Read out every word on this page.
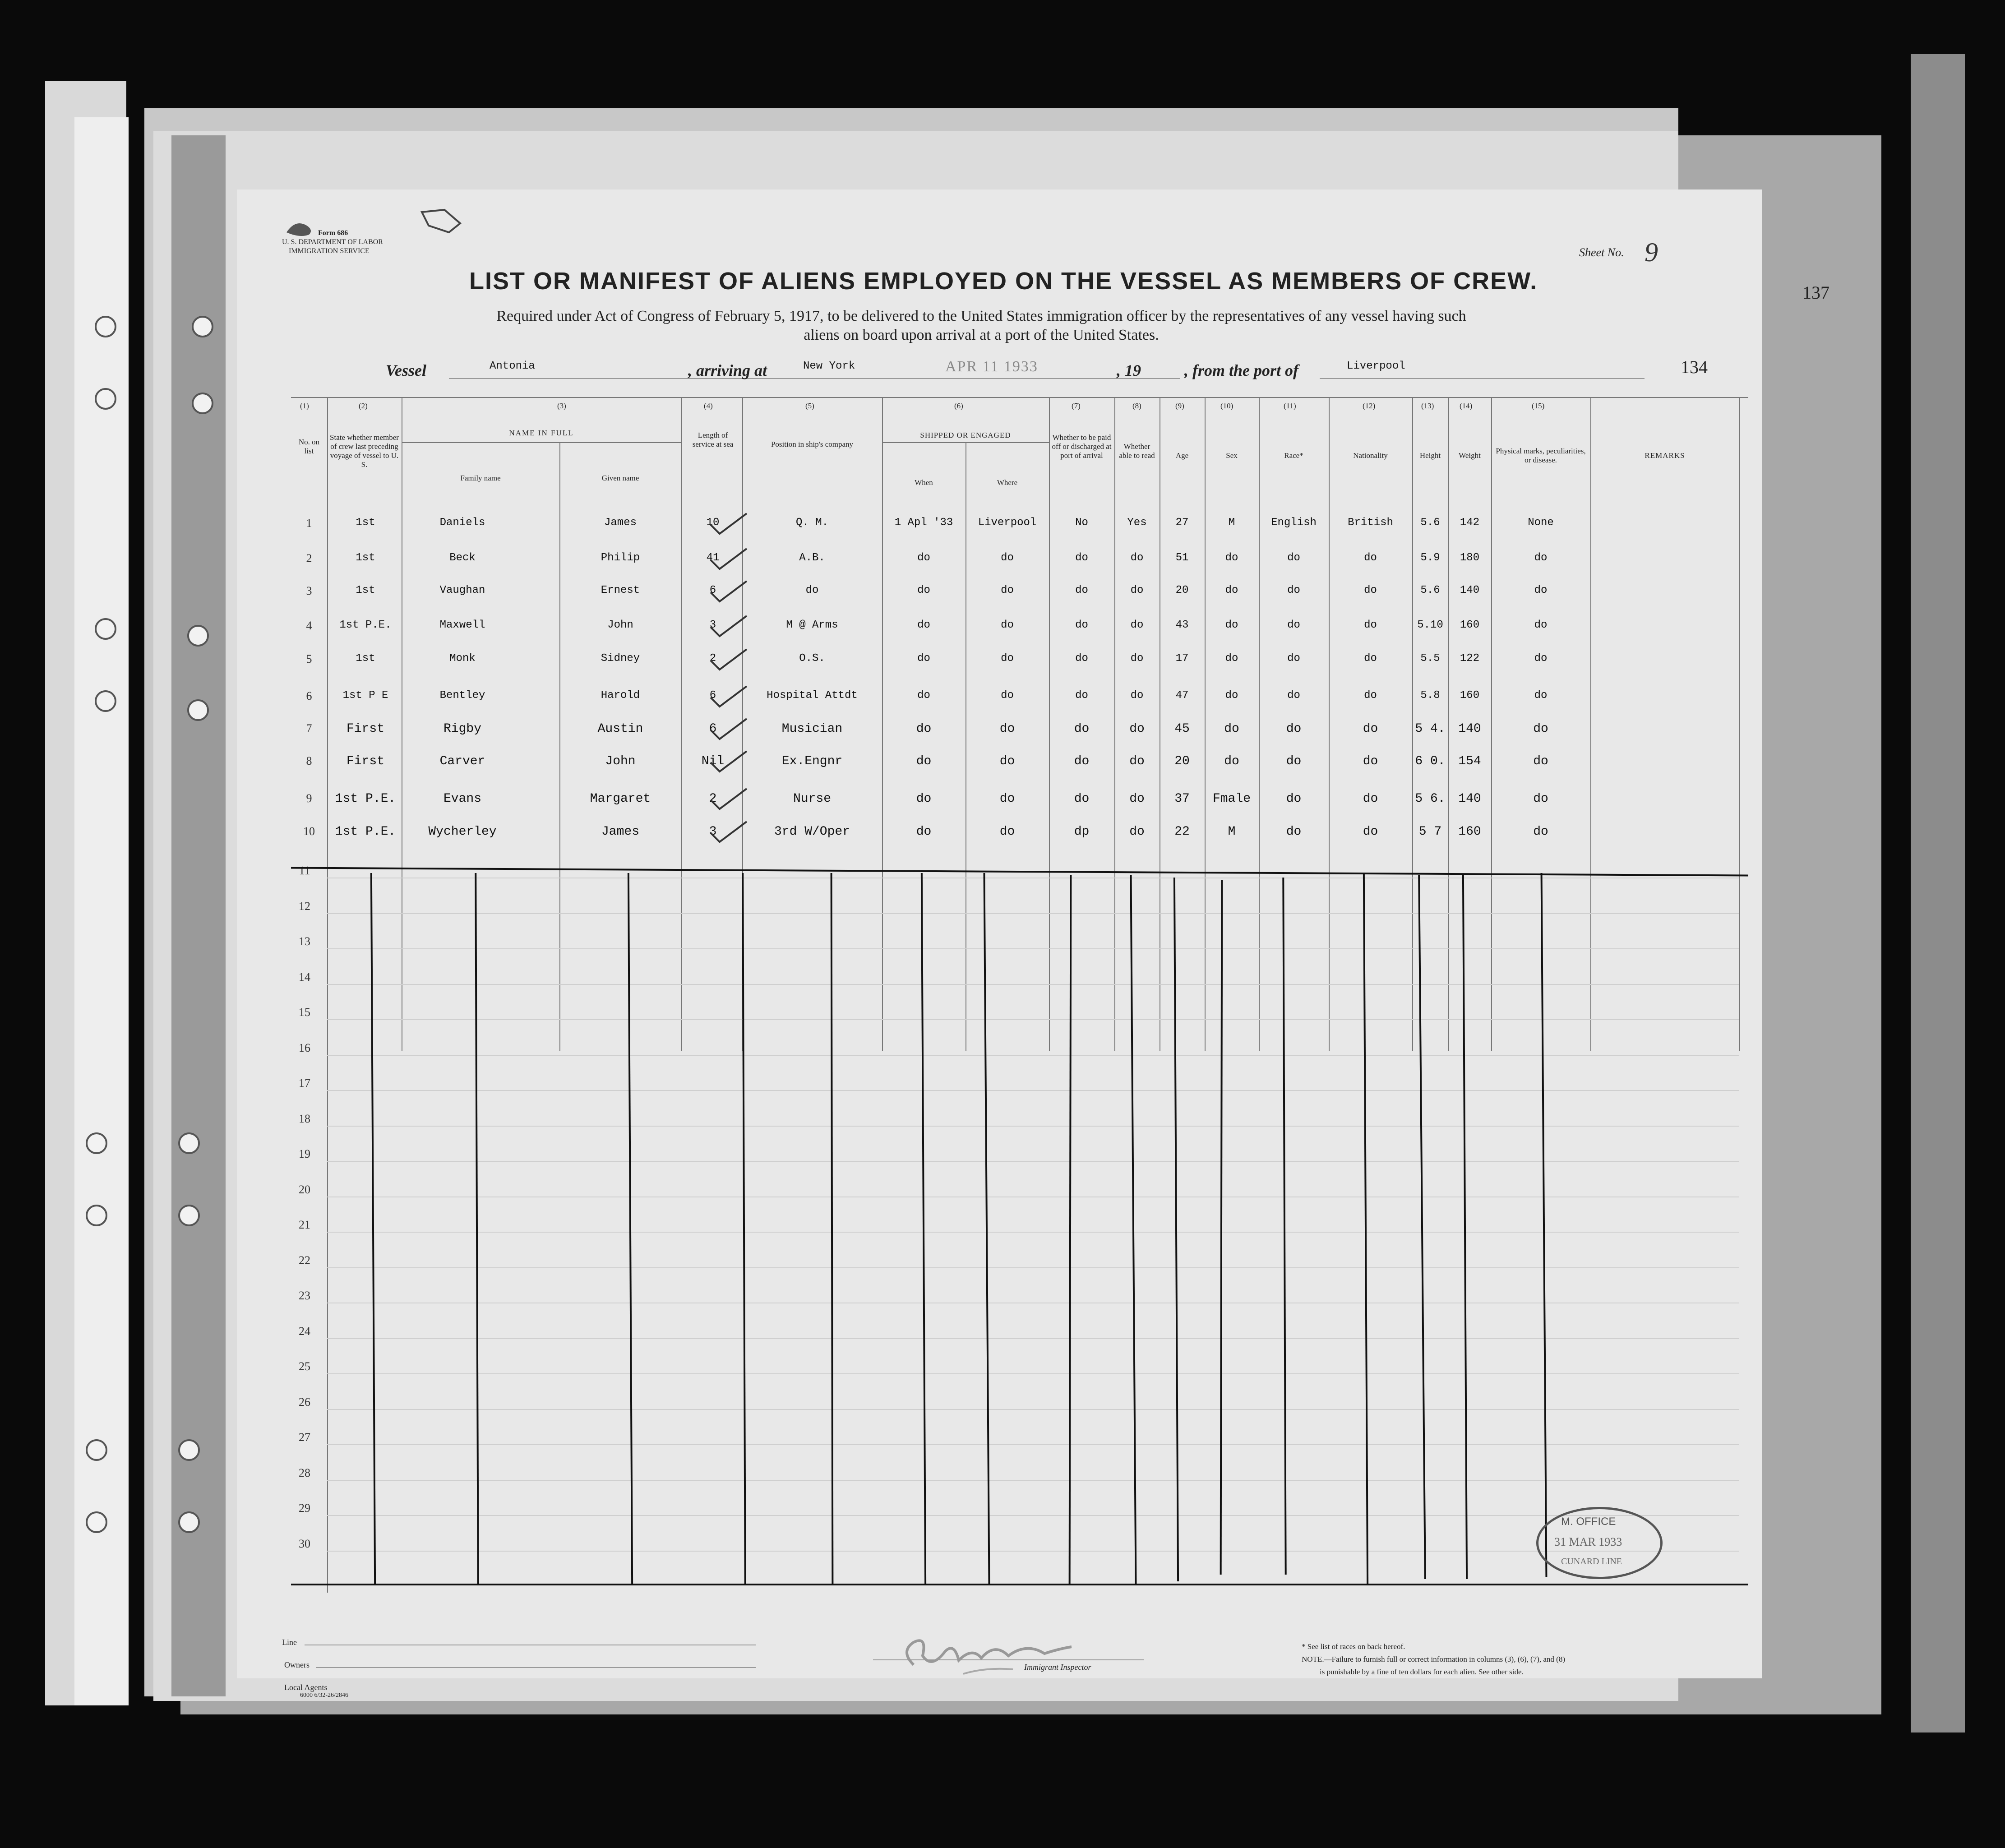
137
Form 686
U. S. DEPARTMENT OF LABOR
IMMIGRATION SERVICE	Sheet No. 9
LIST OR MANIFEST OF ALIENS EMPLOYED ON THE VESSEL AS MEMBERS OF CREW.
Required under Act of Congress of February 5, 1917, to be delivered to the United States immigration officer by the representatives of any vessel having such
aliens on board upon arrival at a port of the United States.
Vessel	Antonia	, arriving at	New York	APR 11 1933	, 19	, from the port of	Liverpool	134
(1)	(2)	(3)	(4)	(5)	(6)	(7)	(8)	(9)	(10)	(11)	(12)	(13)	(14)	(15)
No. on list
State whether member of crew last preceding voyage of vessel to U. S.
NAME IN FULL
Family name	Given name
Length of service at sea	Position in ship's company
SHIPPED OR ENGAGED
When	Where
Whether to be paid off or discharged at port of arrival
Whether able to read	Age	Sex	Race*	Nationality	Height	Weight
Physical marks, peculiarities, or disease.
REMARKS
1	1st	Daniels	James	10	Q. M.	1 Apl '33	Liverpool	No	Yes	27	M	English	British	5.6	142	None
2	1st	Beck	Philip	41	A.B.	do	do	do	do	51	do	do	do	5.9	180	do
3	1st	Vaughan	Ernest	6	do	do	do	do	do	20	do	do	do	5.6	140	do
4	1st P.E.	Maxwell	John	3	M @ Arms	do	do	do	do	43	do	do	do	5.10	160	do
5	1st	Monk	Sidney	2	O.S.	do	do	do	do	17	do	do	do	5.5	122	do
6	1st P E	Bentley	Harold	6	Hospital Attdt	do	do	do	do	47	do	do	do	5.8	160	do
7	First	Rigby	Austin	6	Musician	do	do	do	do	45	do	do	do	5 4.	140	do
8	First	Carver	John	Nil	Ex.Engnr	do	do	do	do	20	do	do	do	6 0.	154	do
9	1st P.E.	Evans	Margaret	2	Nurse	do	do	do	do	37	Fmale	do	do	5 6.	140	do
10	1st P.E.	Wycherley	James	3	3rd W/Oper	do	do	dp	do	22	M	do	do	5 7	160	do
11
12
13
14
15
16
17
18
19
20
21
22
23
24
25
26
27
28
29
30
M. OFFICE
31 MAR 1933
CUNARD LINE
Line
Owners
Local Agents
6000 6/32-26/2846
Immigrant Inspector
* See list of races on back hereof.
NOTE.—Failure to furnish full or correct information in columns (3), (6), (7), and (8)
is punishable by a fine of ten dollars for each alien. See other side.
